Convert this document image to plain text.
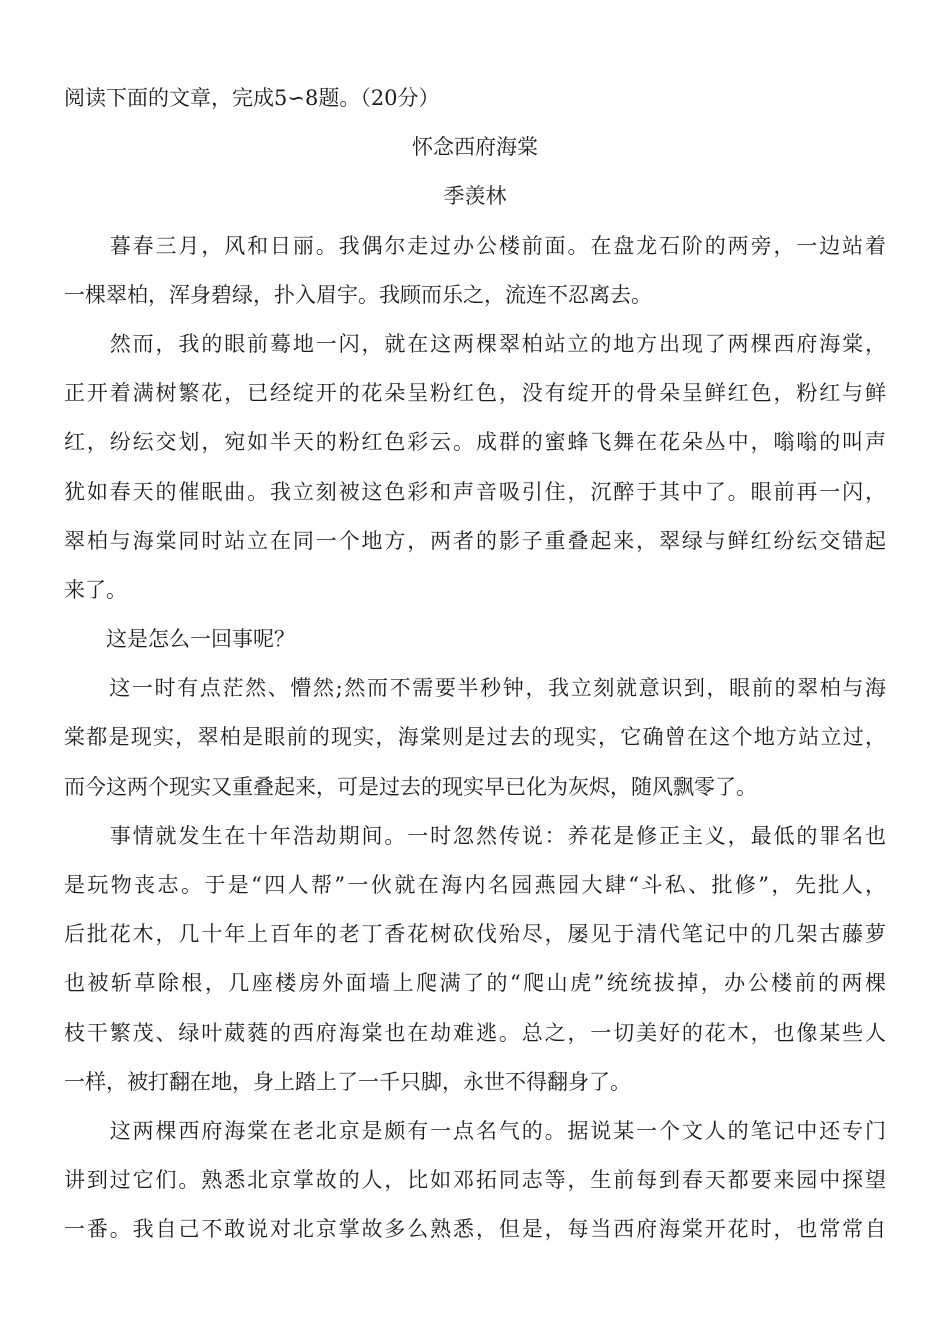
阅读下面的文章，完成5∽8题。（20分）
怀念西府海棠
季羡林
　　暮春三月，风和日丽。我偶尔走过办公楼前面。在盘龙石阶的两旁，一边站着
一棵翠柏，浑身碧绿，扑入眉宇。我顾而乐之，流连不忍离去。
　　然而，我的眼前蓦地一闪，就在这两棵翠柏站立的地方出现了两棵西府海棠，
正开着满树繁花，已经绽开的花朵呈粉红色，没有绽开的骨朵呈鲜红色，粉红与鲜
红，纷纭交划，宛如半天的粉红色彩云。成群的蜜蜂飞舞在花朵丛中，嗡嗡的叫声
犹如春天的催眠曲。我立刻被这色彩和声音吸引住，沉醉于其中了。眼前再一闪，
翠柏与海棠同时站立在同一个地方，两者的影子重叠起来，翠绿与鲜红纷纭交错起
来了。
　　这是怎么一回事呢？
　　这一时有点茫然、懵然;然而不需要半秒钟，我立刻就意识到，眼前的翠柏与海
棠都是现实，翠柏是眼前的现实，海棠则是过去的现实，它确曾在这个地方站立过，
而今这两个现实又重叠起来，可是过去的现实早已化为灰烬，随风飘零了。
　　事情就发生在十年浩劫期间。一时忽然传说：养花是修正主义，最低的罪名也
是玩物丧志。于是“四人帮”一伙就在海内名园燕园大肆“斗私、批修”，先批人，
后批花木，几十年上百年的老丁香花树砍伐殆尽，屡见于清代笔记中的几架古藤萝
也被斩草除根，几座楼房外面墙上爬满了的“爬山虎”统统拔掉，办公楼前的两棵
枝干繁茂、绿叶葳蕤的西府海棠也在劫难逃。总之，一切美好的花木，也像某些人
一样，被打翻在地，身上踏上了一千只脚，永世不得翻身了。
　　这两棵西府海棠在老北京是颇有一点名气的。据说某一个文人的笔记中还专门
讲到过它们。熟悉北京掌故的人，比如邓拓同志等，生前每到春天都要来园中探望
一番。我自己不敢说对北京掌故多么熟悉，但是，每当西府海棠开花时，也常常自
